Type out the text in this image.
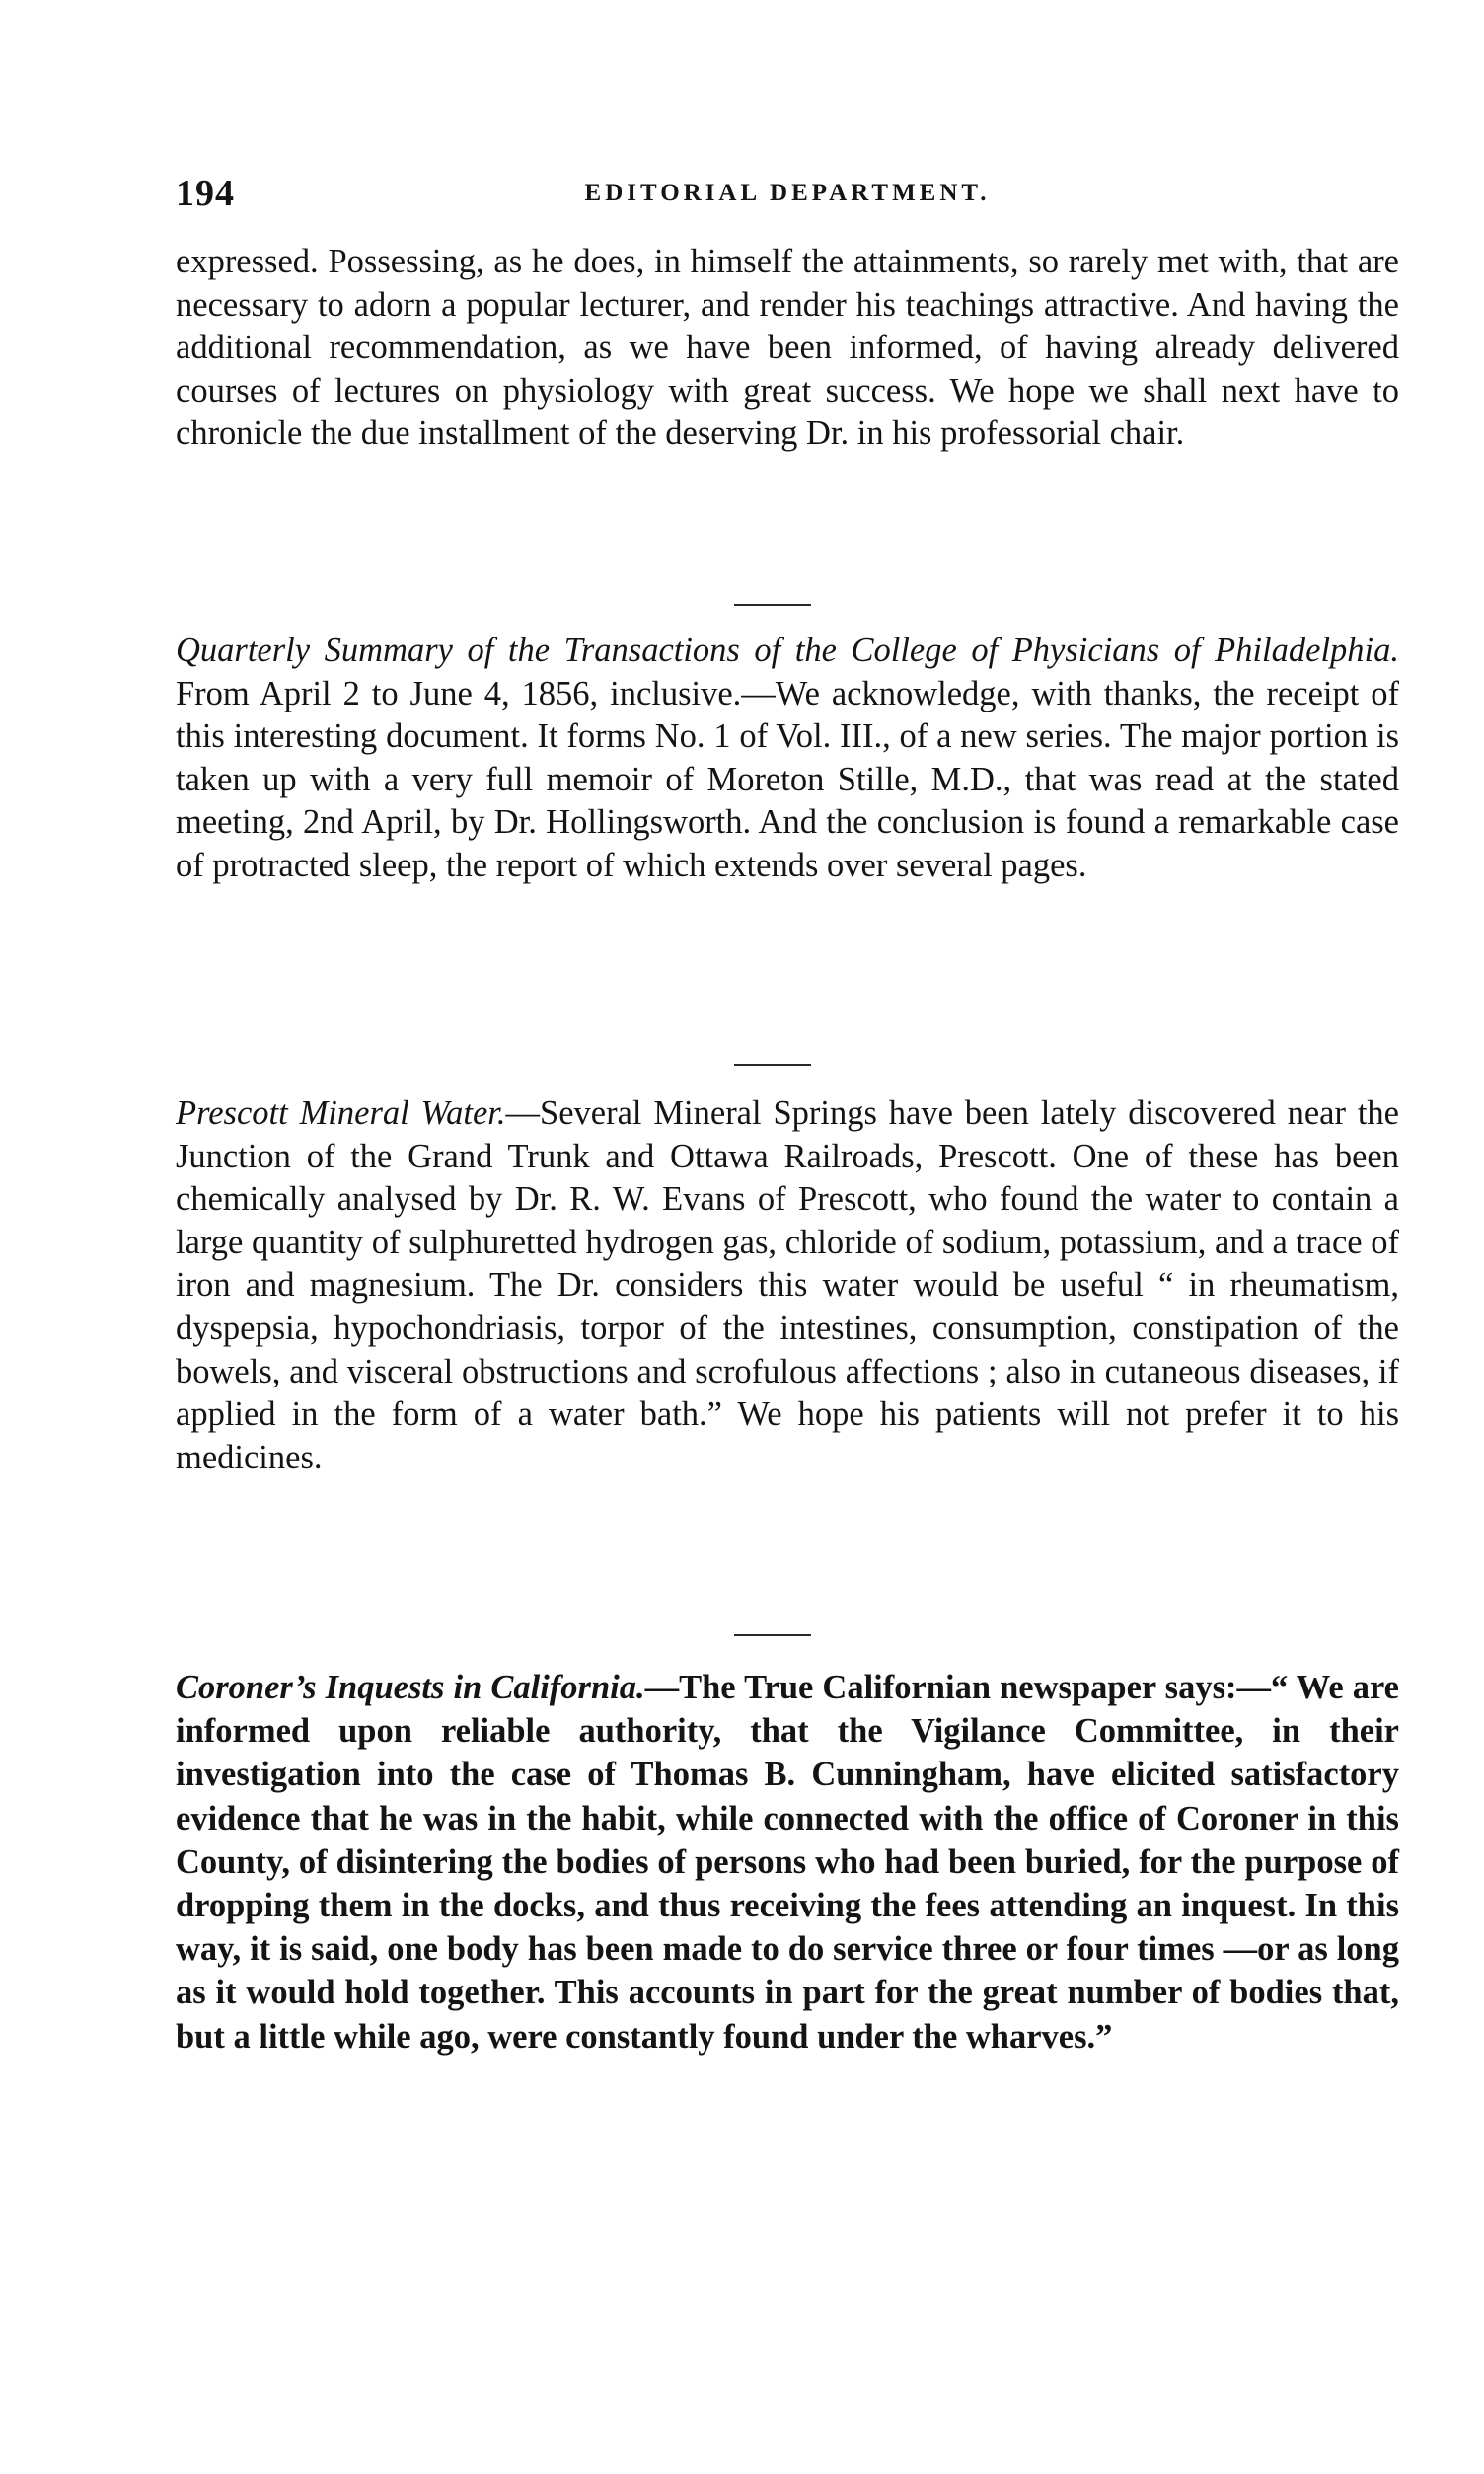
194	EDITORIAL DEPARTMENT.

expressed. Possessing, as he does, in himself the attainments, so rarely met with, that are necessary to adorn a popular lecturer, and render his teachings attractive. And having the additional recommendation, as we have been informed, of having already delivered courses of lectures on physiology with great success. We hope we shall next have to chronicle the due installment of the deserving Dr. in his professorial chair.

Quarterly Summary of the Transactions of the College of Physicians of Philadelphia. From April 2 to June 4, 1856, inclusive.—We acknowledge, with thanks, the receipt of this interesting document. It forms No. 1 of Vol. III., of a new series. The major portion is taken up with a very full memoir of Moreton Stille, M.D., that was read at the stated meeting, 2nd April, by Dr. Hollingsworth. And the conclusion is found a remarkable case of protracted sleep, the report of which extends over several pages.

Prescott Mineral Water.—Several Mineral Springs have been lately discovered near the Junction of the Grand Trunk and Ottawa Railroads, Prescott. One of these has been chemically analysed by Dr. R. W. Evans of Prescott, who found the water to contain a large quantity of sulphuretted hydrogen gas, chloride of sodium, potassium, and a trace of iron and magnesium. The Dr. considers this water would be useful “ in rheumatism, dyspepsia, hypochondriasis, torpor of the intestines, consumption, constipation of the bowels, and visceral obstructions and scrofulous affections ; also in cutaneous diseases, if applied in the form of a water bath.” We hope his patients will not prefer it to his medicines.

Coroner’s Inquests in California.—The True Californian newspaper says:—“ We are informed upon reliable authority, that the Vigilance Committee, in their investigation into the case of Thomas B. Cunningham, have elicited satisfactory evidence that he was in the habit, while connected with the office of Coroner in this County, of disintering the bodies of persons who had been buried, for the purpose of dropping them in the docks, and thus receiving the fees attending an inquest. In this way, it is said, one body has been made to do service three or four times —or as long as it would hold together. This accounts in part for the great number of bodies that, but a little while ago, were constantly found under the wharves.”
